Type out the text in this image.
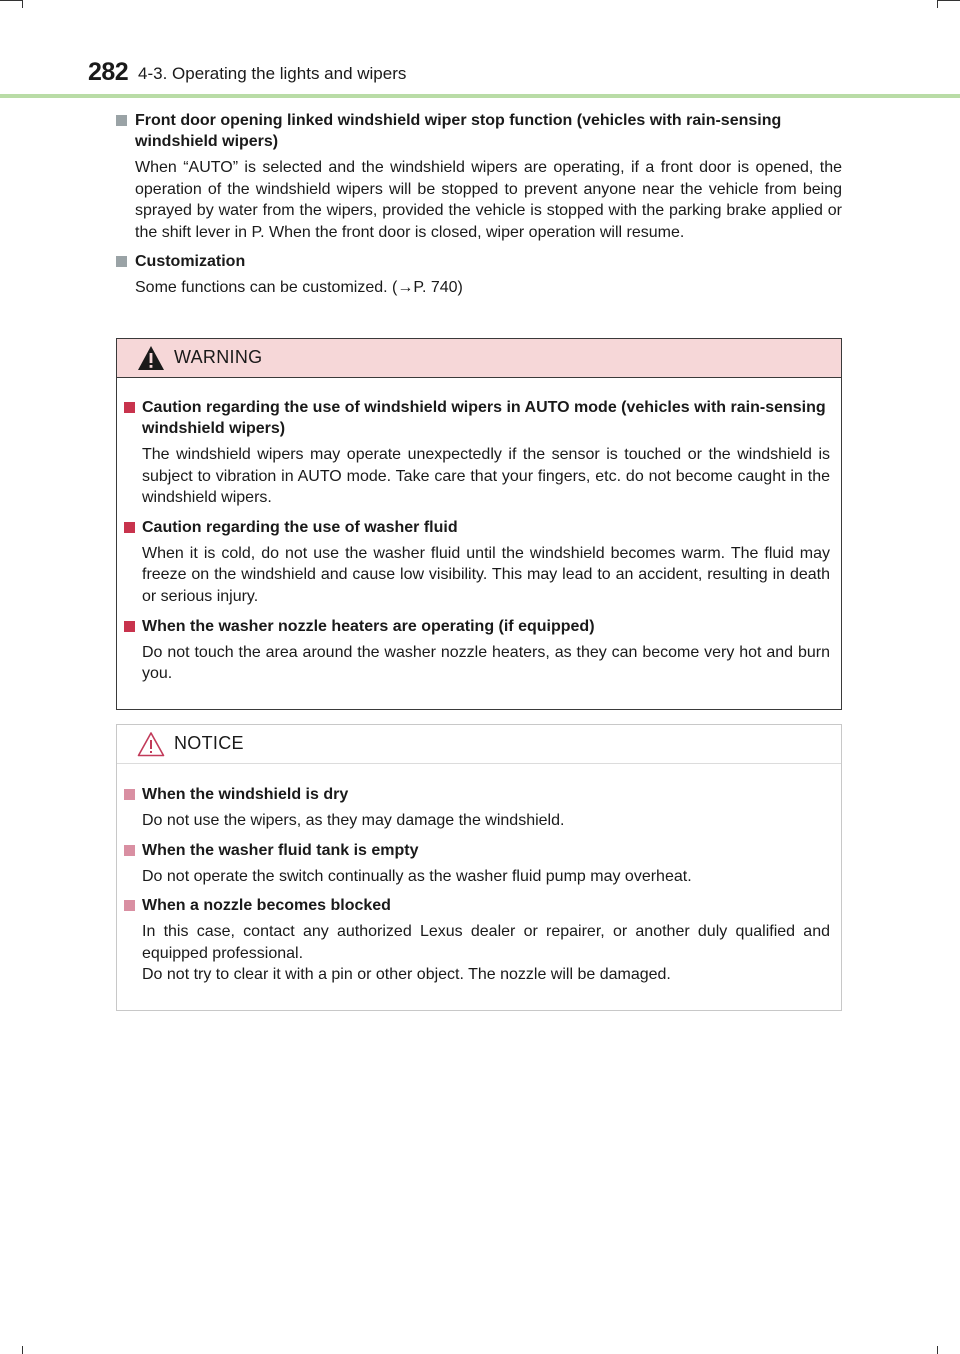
282 4-3. Operating the lights and wipers

Front door opening linked windshield wiper stop function (vehicles with rain-sensing windshield wipers)

When “AUTO” is selected and the windshield wipers are operating, if a front door is opened, the operation of the windshield wipers will be stopped to prevent anyone near the vehicle from being sprayed by water from the wipers, provided the vehicle is stopped with the parking brake applied or the shift lever in P. When the front door is closed, wiper operation will resume.

Customization

Some functions can be customized. (→P. 740)

WARNING

Caution regarding the use of windshield wipers in AUTO mode (vehicles with rain-sensing windshield wipers)

The windshield wipers may operate unexpectedly if the sensor is touched or the windshield is subject to vibration in AUTO mode. Take care that your fingers, etc. do not become caught in the windshield wipers.

Caution regarding the use of washer fluid

When it is cold, do not use the washer fluid until the windshield becomes warm. The fluid may freeze on the windshield and cause low visibility. This may lead to an accident, resulting in death or serious injury.

When the washer nozzle heaters are operating (if equipped)

Do not touch the area around the washer nozzle heaters, as they can become very hot and burn you.

NOTICE

When the windshield is dry

Do not use the wipers, as they may damage the windshield.

When the washer fluid tank is empty

Do not operate the switch continually as the washer fluid pump may overheat.

When a nozzle becomes blocked

In this case, contact any authorized Lexus dealer or repairer, or another duly qualified and equipped professional.
Do not try to clear it with a pin or other object. The nozzle will be damaged.
